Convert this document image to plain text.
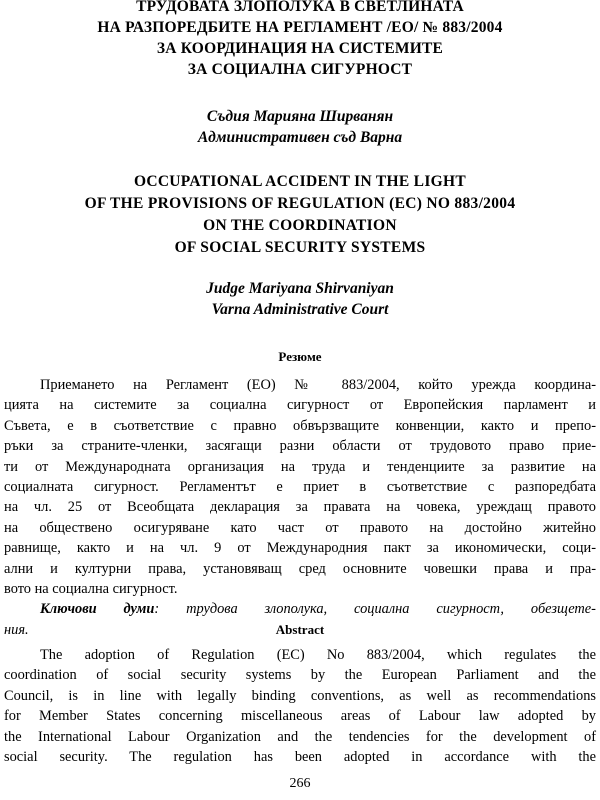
ТРУДОВАТА ЗЛОПОЛУКА В СВЕТЛИНАТА
НА РАЗПОРЕДБИТЕ НА РЕГЛАМЕНТ /ЕО/ № 883/2004
ЗА КООРДИНАЦИЯ НА СИСТЕМИТЕ
ЗА СОЦИАЛНА СИГУРНОСТ
Съдия Марияна Ширванян
Административен съд Варна
OCCUPATIONAL ACCIDENT IN THE LIGHT
OF THE PROVISIONS OF REGULATION (EC) NO 883/2004
ON THE COORDINATION
OF SOCIAL SECURITY SYSTEMS
Judge Mariyana Shirvaniyan
Varna Administrative Court
Резюме
Приемането на Регламент (ЕО) № 883/2004, който урежда координа-
цията на системите за социална сигурност от Европейския парламент и
Съвета, е в съответствие с правно обвързващите конвенции, както и препо-
ръки за страните-членки, засягащи разни области от трудовото право прие-
ти от Международната организация на труда и тенденциите за развитие на
социалната сигурност. Регламентът е приет в съответствие с разпоредбата
на чл. 25 от Всеобщата декларация за правата на човека, уреждащ правото
на обществено осигуряване като част от правото на достойно житейно
равнище, както и на чл. 9 от Международния пакт за икономически, соци-
ални и културни права, установяващ сред основните човешки права и пра-
вото на социална сигурност.
Ключови думи: трудова злополука, социална сигурност, обезщете-
ния.	Abstract
The adoption of Regulation (EC) No 883/2004, which regulates the
coordination of social security systems by the European Parliament and the
Council, is in line with legally binding conventions, as well as recommendations
for Member States concerning miscellaneous areas of Labour law adopted by
the International Labour Organization and the tendencies for the development of
social security. The regulation has been adopted in accordance with the
266
